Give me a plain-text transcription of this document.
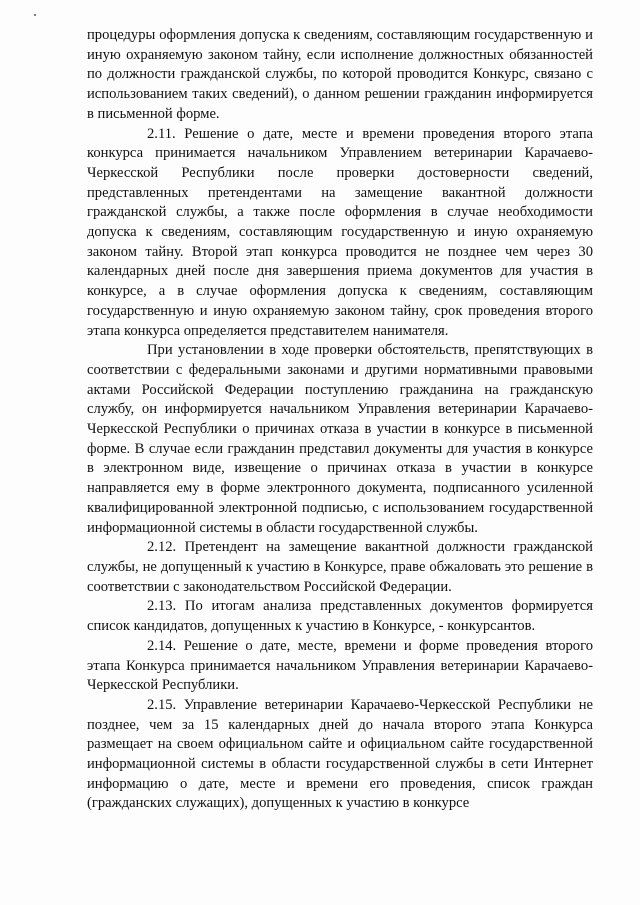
процедуры оформления допуска к сведениям, составляющим государственную и иную охраняемую законом тайну, если исполнение должностных обязанностей по должности гражданской службы, по которой проводится Конкурс, связано с использованием таких сведений), о данном решении гражданин информируется в письменной форме.

2.11. Решение о дате, месте и времени проведения второго этапа конкурса принимается начальником Управлением ветеринарии Карачаево-Черкесской Республики после проверки достоверности сведений, представленных претендентами на замещение вакантной должности гражданской службы, а также после оформления в случае необходимости допуска к сведениям, составляющим государственную и иную охраняемую законом тайну. Второй этап конкурса проводится не позднее чем через 30 календарных дней после дня завершения приема документов для участия в конкурсе, а в случае оформления допуска к сведениям, составляющим государственную и иную охраняемую законом тайну, срок проведения второго этапа конкурса определяется представителем нанимателя.

При установлении в ходе проверки обстоятельств, препятствующих в соответствии с федеральными законами и другими нормативными правовыми актами Российской Федерации поступлению гражданина на гражданскую службу, он информируется начальником Управления ветеринарии Карачаево-Черкесской Республики о причинах отказа в участии в конкурсе в письменной форме. В случае если гражданин представил документы для участия в конкурсе в электронном виде, извещение о причинах отказа в участии в конкурсе направляется ему в форме электронного документа, подписанного усиленной квалифицированной электронной подписью, с использованием государственной информационной системы в области государственной службы.

2.12. Претендент на замещение вакантной должности гражданской службы, не допущенный к участию в Конкурсе, праве обжаловать это решение в соответствии с законодательством Российской Федерации.

2.13. По итогам анализа представленных документов формируется список кандидатов, допущенных к участию в Конкурсе, - конкурсантов.

2.14. Решение о дате, месте, времени и форме проведения второго этапа Конкурса принимается начальником Управления ветеринарии Карачаево-Черкесской Республики.

2.15. Управление ветеринарии Карачаево-Черкесской Республики не позднее, чем за 15 календарных дней до начала второго этапа Конкурса размещает на своем официальном сайте и официальном сайте государственной информационной системы в области государственной службы в сети Интернет информацию о дате, месте и времени его проведения, список граждан (гражданских служащих), допущенных к участию в конкурсе
